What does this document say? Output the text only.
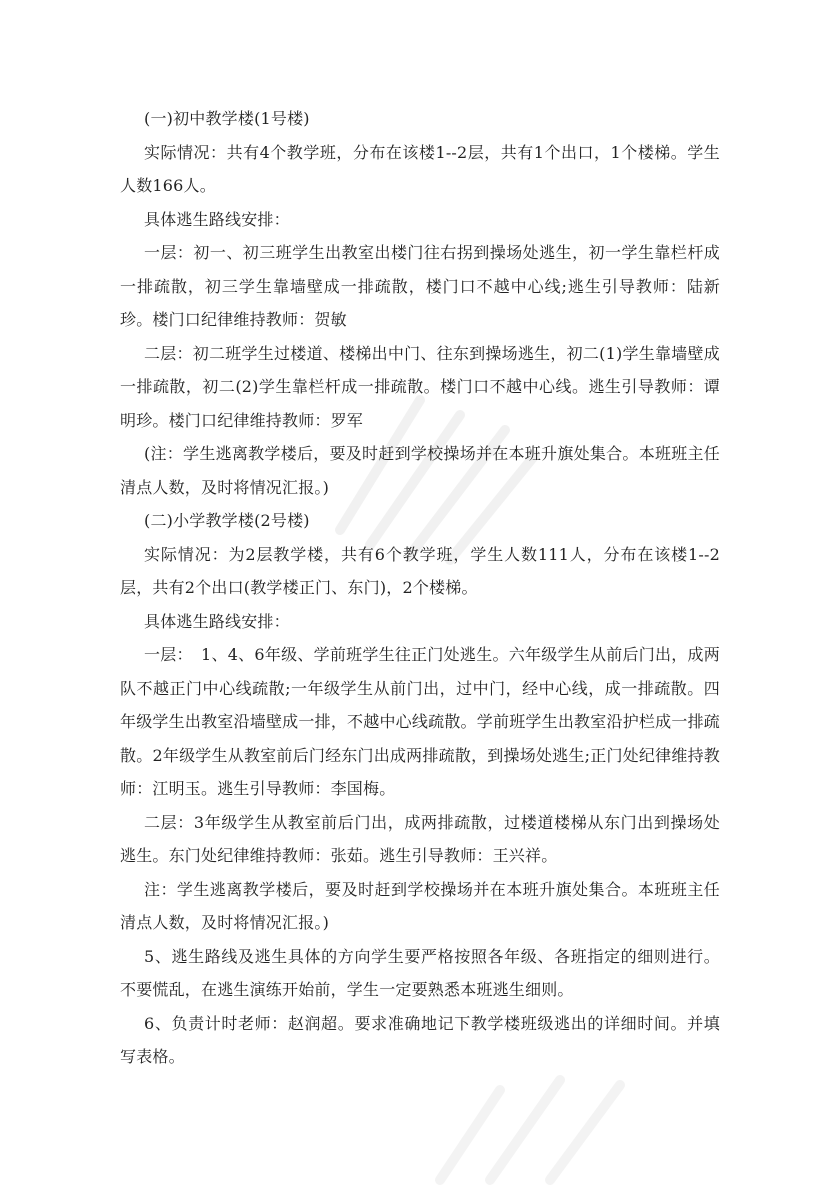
(一)初中教学楼(1号楼)

实际情况：共有4个教学班，分布在该楼1--2层，共有1个出口，1个楼梯。学生人数166人。

具体逃生路线安排：

一层：初一、初三班学生出教室出楼门往右拐到操场处逃生，初一学生靠栏杆成一排疏散，初三学生靠墙壁成一排疏散，楼门口不越中心线;逃生引导教师：陆新珍。楼门口纪律维持教师：贺敏

二层：初二班学生过楼道、楼梯出中门、往东到操场逃生，初二(1)学生靠墙壁成一排疏散，初二(2)学生靠栏杆成一排疏散。楼门口不越中心线。逃生引导教师：谭明珍。楼门口纪律维持教师：罗军

(注：学生逃离教学楼后，要及时赶到学校操场并在本班升旗处集合。本班班主任清点人数，及时将情况汇报。)

(二)小学教学楼(2号楼)

实际情况：为2层教学楼，共有6个教学班，学生人数111人，分布在该楼1--2层，共有2个出口(教学楼正门、东门)，2个楼梯。

具体逃生路线安排：

一层：　1、4、6年级、学前班学生往正门处逃生。六年级学生从前后门出，成两队不越正门中心线疏散;一年级学生从前门出，过中门，经中心线，成一排疏散。四年级学生出教室沿墙壁成一排，不越中心线疏散。学前班学生出教室沿护栏成一排疏散。2年级学生从教室前后门经东门出成两排疏散，到操场处逃生;正门处纪律维持教师：江明玉。逃生引导教师：李国梅。

二层：3年级学生从教室前后门出，成两排疏散，过楼道楼梯从东门出到操场处逃生。东门处纪律维持教师：张茹。逃生引导教师：王兴祥。

注：学生逃离教学楼后，要及时赶到学校操场并在本班升旗处集合。本班班主任清点人数，及时将情况汇报。)

5、逃生路线及逃生具体的方向学生要严格按照各年级、各班指定的细则进行。不要慌乱，在逃生演练开始前，学生一定要熟悉本班逃生细则。

6、负责计时老师：赵润超。要求准确地记下教学楼班级逃出的详细时间。并填写表格。
